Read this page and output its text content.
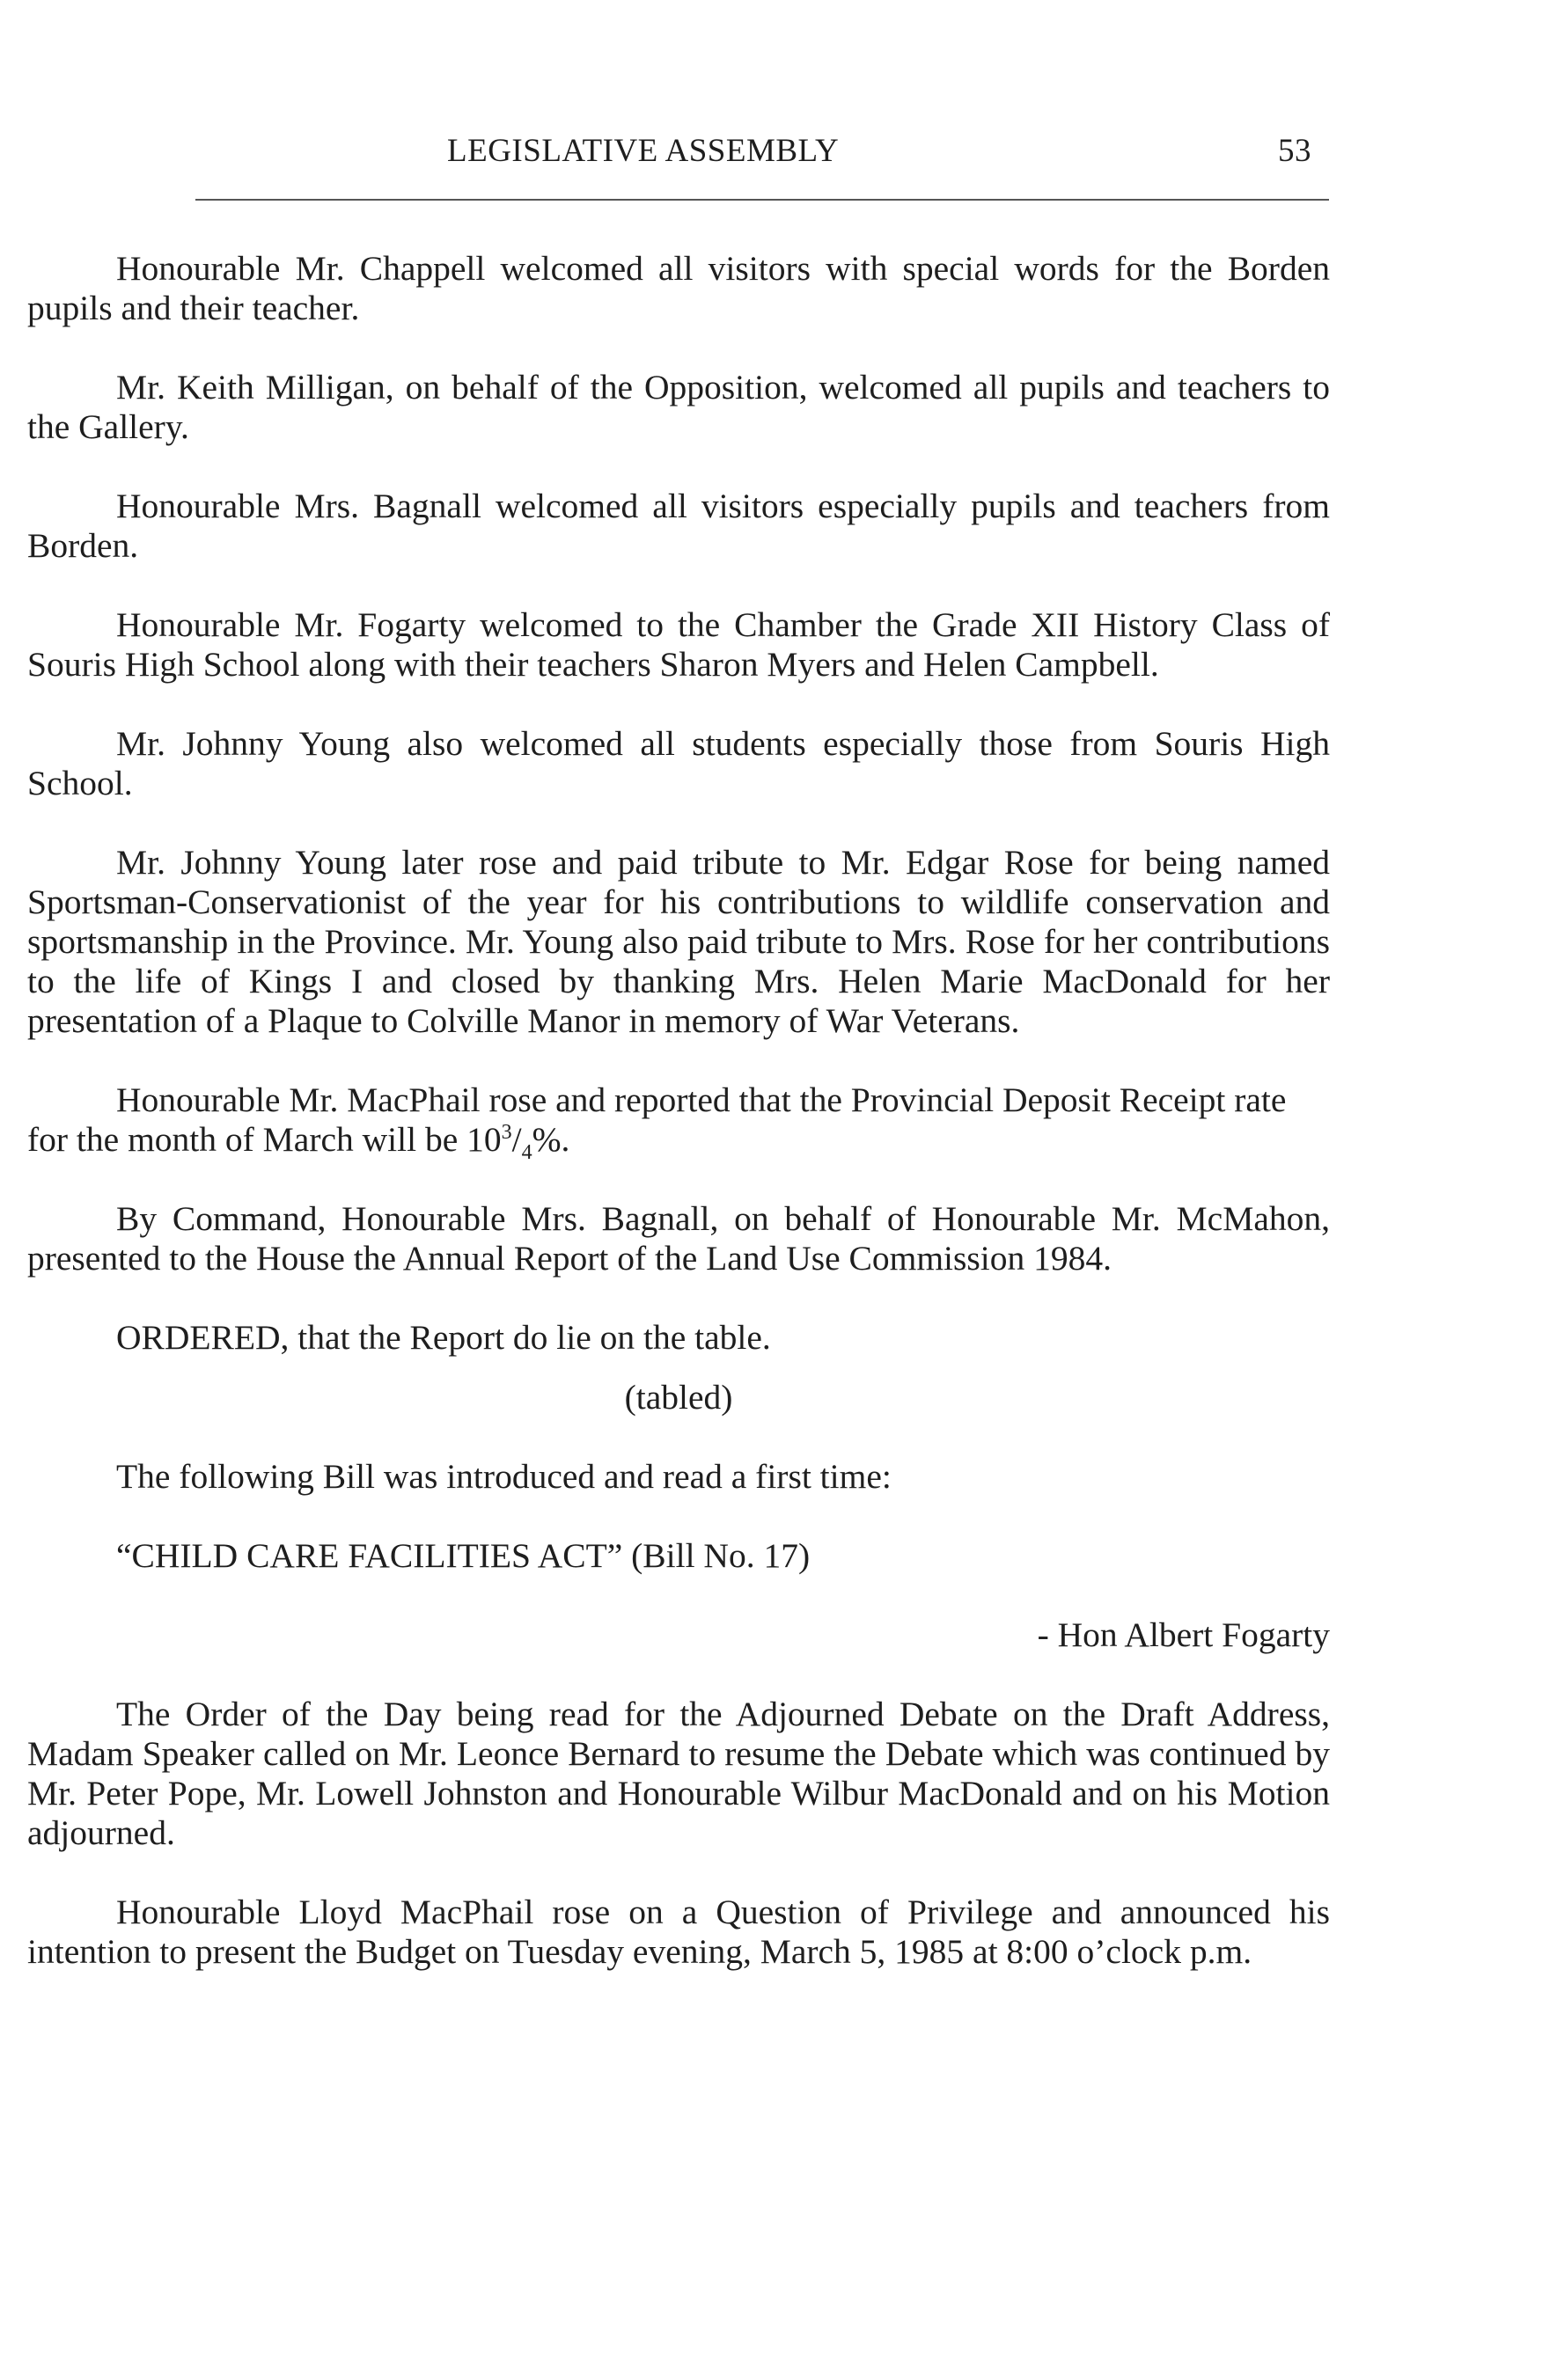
LEGISLATIVE ASSEMBLY	53

Honourable Mr. Chappell welcomed all visitors with special words for the Borden pupils and their teacher.

Mr. Keith Milligan, on behalf of the Opposition, welcomed all pupils and teachers to the Gallery.

Honourable Mrs. Bagnall welcomed all visitors especially pupils and teachers from Borden.

Honourable Mr. Fogarty welcomed to the Chamber the Grade XII History Class of Souris High School along with their teachers Sharon Myers and Helen Campbell.

Mr. Johnny Young also welcomed all students especially those from Souris High School.

Mr. Johnny Young later rose and paid tribute to Mr. Edgar Rose for being named Sportsman-Conservationist of the year for his contributions to wildlife conservation and sportsmanship in the Province. Mr. Young also paid tribute to Mrs. Rose for her contributions to the life of Kings I and closed by thanking Mrs. Helen Marie MacDonald for her presentation of a Plaque to Colville Manor in memory of War Veterans.

Honourable Mr. MacPhail rose and reported that the Provincial Deposit Receipt rate for the month of March will be $10^3/_4\%$.

By Command, Honourable Mrs. Bagnall, on behalf of Honourable Mr. McMahon, presented to the House the Annual Report of the Land Use Commission 1984.

ORDERED, that the Report do lie on the table.

(tabled)

The following Bill was introduced and read a first time:

“CHILD CARE FACILITIES ACT” (Bill No. 17)

- Hon Albert Fogarty

The Order of the Day being read for the Adjourned Debate on the Draft Address, Madam Speaker called on Mr. Leonce Bernard to resume the Debate which was continued by Mr. Peter Pope, Mr. Lowell Johnston and Honourable Wilbur MacDonald and on his Motion adjourned.

Honourable Lloyd MacPhail rose on a Question of Privilege and announced his intention to present the Budget on Tuesday evening, March 5, 1985 at 8:00 o’clock p.m.
